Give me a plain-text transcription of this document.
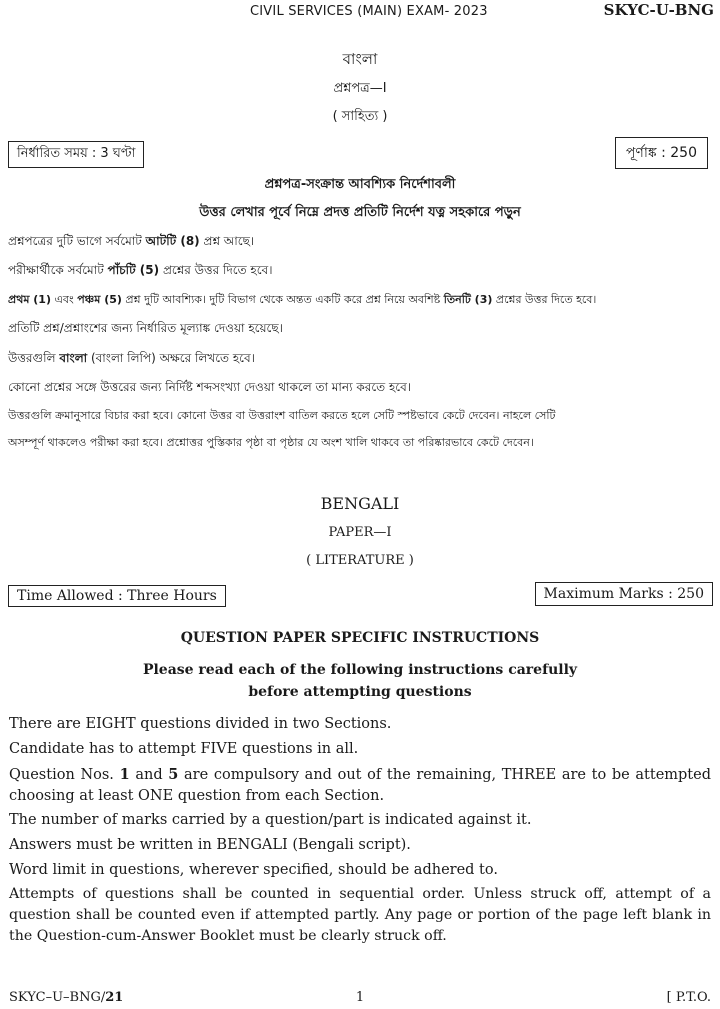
CIVIL SERVICES (MAIN) EXAM- 2023	SKYC-U-BNG
বাংলা
প্রশ্নপত্র—I
( সাহিত্য )
নির্ধারিত সময় : 3 ঘণ্টা	পূর্ণাঙ্ক : 250
প্রশ্নপত্র-সংক্রান্ত আবশ্যিক নির্দেশাবলী
উত্তর লেখার পূর্বে নিম্নে প্রদত্ত প্রতিটি নির্দেশ যত্ন সহকারে পড়ুন
প্রশ্নপত্রের দুটি ভাগে সর্বমোট আটটি (8) প্রশ্ন আছে।
পরীক্ষার্থীকে সর্বমোট পাঁচটি (5) প্রশ্নের উত্তর দিতে হবে।
প্রথম (1) এবং পঞ্চম (5) প্রশ্ন দুটি আবশ্যিক। দুটি বিভাগ থেকে অন্তত একটি করে প্রশ্ন নিয়ে অবশিষ্ট তিনটি (3) প্রশ্নের উত্তর দিতে হবে।
প্রতিটি প্রশ্ন/প্রশ্নাংশের জন্য নির্ধারিত মূল্যাঙ্ক দেওয়া হয়েছে।
উত্তরগুলি বাংলা (বাংলা লিপি) অক্ষরে লিখতে হবে।
কোনো প্রশ্নের সঙ্গে উত্তরের জন্য নির্দিষ্ট শব্দসংখ্যা দেওয়া থাকলে তা মান্য করতে হবে।
উত্তরগুলি ক্রমানুসারে বিচার করা হবে। কোনো উত্তর বা উত্তরাংশ বাতিল করতে হলে সেটি স্পষ্টভাবে কেটে দেবেন। নাহলে সেটি
অসম্পূর্ণ থাকলেও পরীক্ষা করা হবে। প্রশ্নোত্তর পুস্তিকার পৃষ্ঠা বা পৃষ্ঠার যে অংশ খালি থাকবে তা পরিষ্কারভাবে কেটে দেবেন।
BENGALI
PAPER—I
( LITERATURE )
Time Allowed : Three Hours	Maximum Marks : 250
QUESTION PAPER SPECIFIC INSTRUCTIONS
Please read each of the following instructions carefully
before attempting questions
There are EIGHT questions divided in two Sections.
Candidate has to attempt FIVE questions in all.
Question Nos. 1 and 5 are compulsory and out of the remaining, THREE are to be attempted choosing at least ONE question from each Section.
The number of marks carried by a question/part is indicated against it.
Answers must be written in BENGALI (Bengali script).
Word limit in questions, wherever specified, should be adhered to.
Attempts of questions shall be counted in sequential order. Unless struck off, attempt of a question shall be counted even if attempted partly. Any page or portion of the page left blank in the Question-cum-Answer Booklet must be clearly struck off.
SKYC–U–BNG/21	1	[ P.T.O.
